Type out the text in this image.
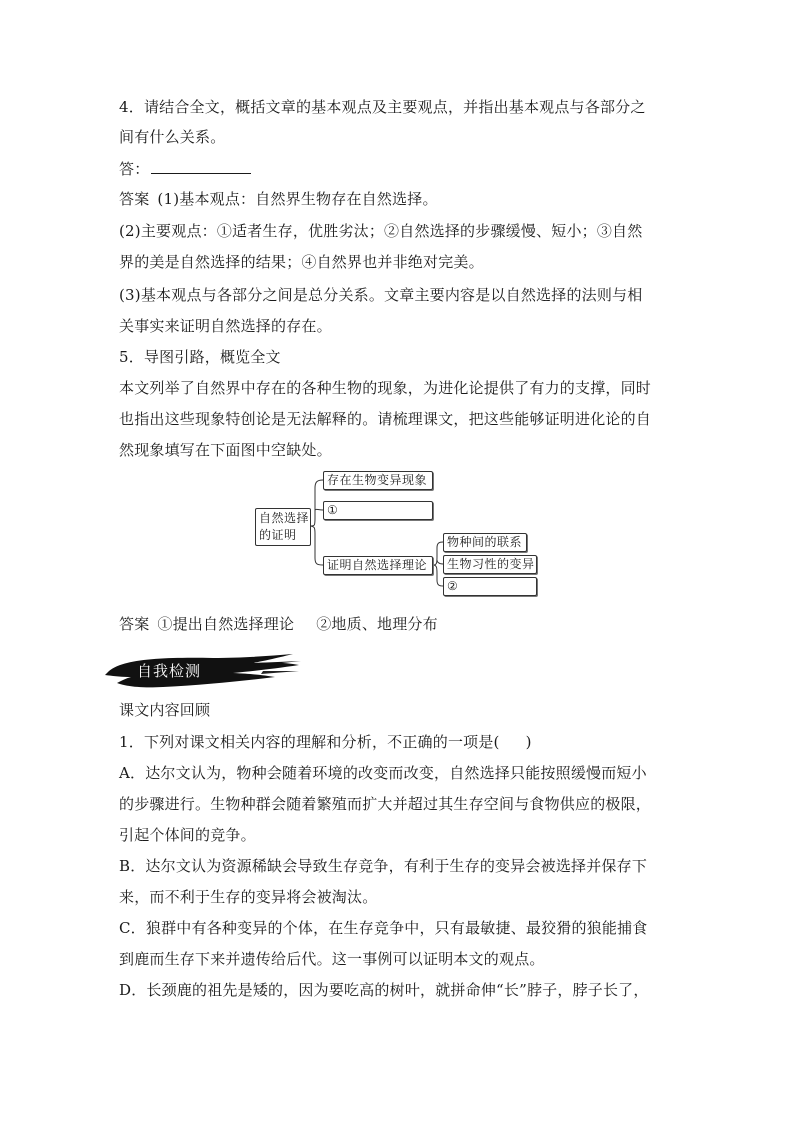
4．请结合全文，概括文章的基本观点及主要观点，并指出基本观点与各部分之
间有什么关系。
答：
答案 (1)基本观点：自然界生物存在自然选择。
(2)主要观点：①适者生存，优胜劣汰；②自然选择的步骤缓慢、短小；③自然
界的美是自然选择的结果；④自然界也并非绝对完美。
(3)基本观点与各部分之间是总分关系。文章主要内容是以自然选择的法则与相
关事实来证明自然选择的存在。
5．导图引路，概览全文
本文列举了自然界中存在的各种生物的现象，为进化论提供了有力的支撑，同时
也指出这些现象特创论是无法解释的。请梳理课文，把这些能够证明进化论的自
然现象填写在下面图中空缺处。
自然选择
的证明
存在生物变异现象
①
证明自然选择理论
物种间的联系
生物习性的变异
②
答案 ①提出自然选择理论 ②地质、地理分布
自我检测
课文内容回顾
1．下列对课文相关内容的理解和分析，不正确的一项是( )
A．达尔文认为，物种会随着环境的改变而改变，自然选择只能按照缓慢而短小
的步骤进行。生物种群会随着繁殖而扩大并超过其生存空间与食物供应的极限，
引起个体间的竞争。
B．达尔文认为资源稀缺会导致生存竞争，有利于生存的变异会被选择并保存下
来，而不利于生存的变异将会被淘汰。
C．狼群中有各种变异的个体，在生存竞争中，只有最敏捷、最狡猾的狼能捕食
到鹿而生存下来并遗传给后代。这一事例可以证明本文的观点。
D．长颈鹿的祖先是矮的，因为要吃高的树叶，就拼命伸“长”脖子，脖子长了，
